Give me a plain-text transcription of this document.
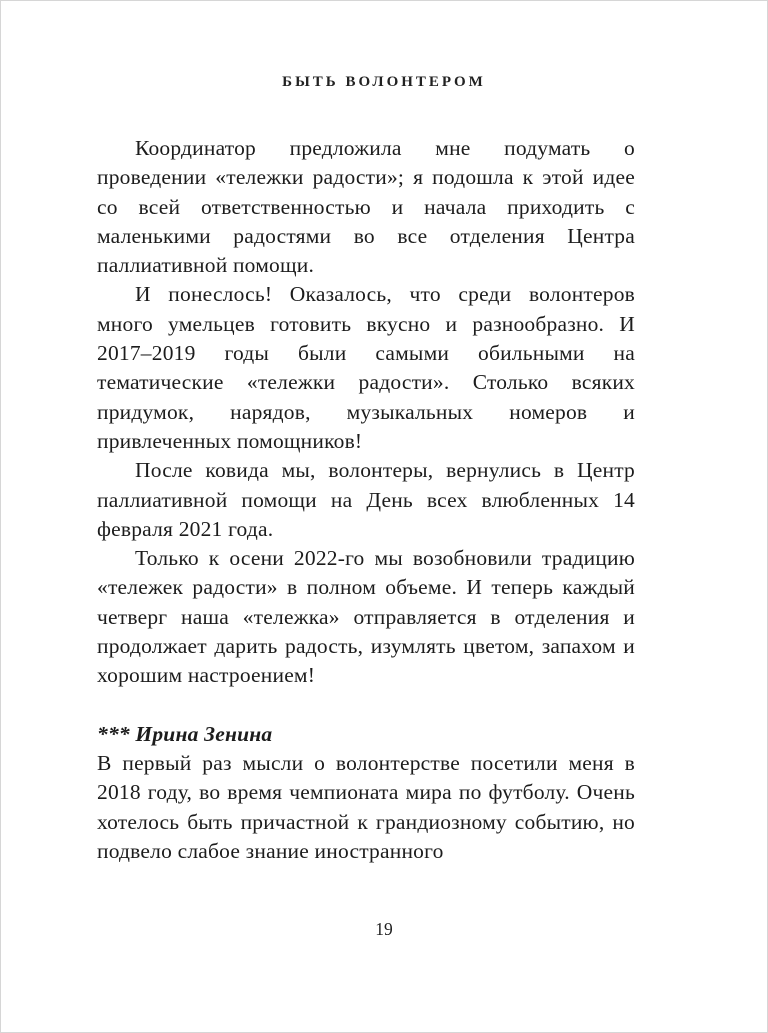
БЫТЬ ВОЛОНТЕРОМ

Координатор предложила мне подумать о проведении «тележки радости»; я подошла к этой идее со всей ответственностью и начала приходить с маленькими радостями во все отделения Центра паллиативной помощи.

И понеслось! Оказалось, что среди волонтеров много умельцев готовить вкусно и разнообразно. И 2017–2019 годы были самыми обильными на тематические «тележки радости». Столько всяких придумок, нарядов, музыкальных номеров и привлеченных помощников!

После ковида мы, волонтеры, вернулись в Центр паллиативной помощи на День всех влюбленных 14 февраля 2021 года.

Только к осени 2022-го мы возобновили традицию «тележек радости» в полном объеме. И теперь каждый четверг наша «тележка» отправляется в отделения и продолжает дарить радость, изумлять цветом, запахом и хорошим настроением!

*** Ирина Зенина

В первый раз мысли о волонтерстве посетили меня в 2018 году, во время чемпионата мира по футболу. Очень хотелось быть причастной к грандиозному событию, но подвело слабое знание иностранного

19
